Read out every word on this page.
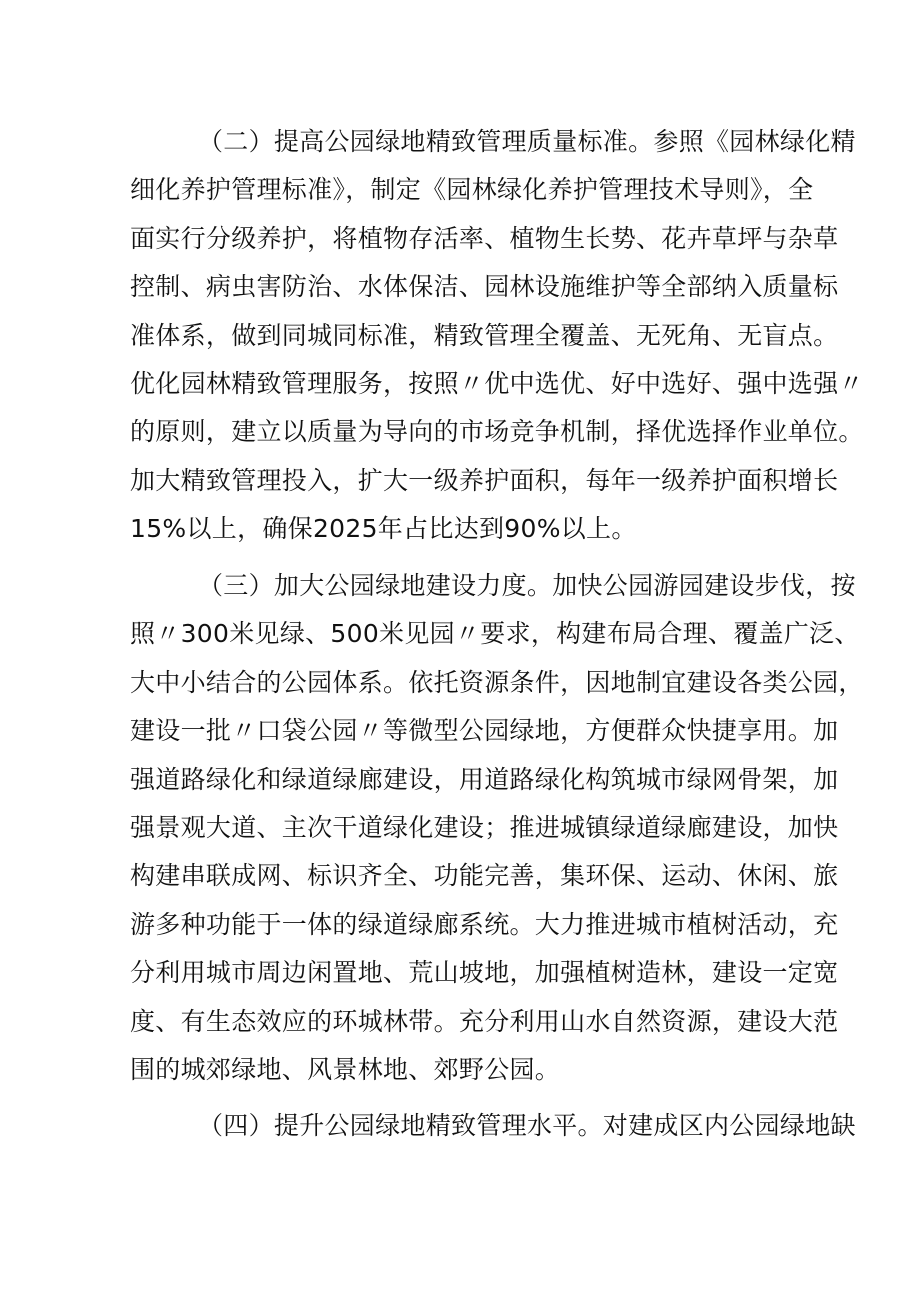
（二）提高公园绿地精致管理质量标准。参照《园林绿化精
细化养护管理标准》，制定《园林绿化养护管理技术导则》，全
面实行分级养护，将植物存活率、植物生长势、花卉草坪与杂草
控制、病虫害防治、水体保洁、园林设施维护等全部纳入质量标
准体系，做到同城同标准，精致管理全覆盖、无死角、无盲点。
优化园林精致管理服务，按照〃优中选优、好中选好、强中选强〃
的原则，建立以质量为导向的市场竞争机制，择优选择作业单位。
加大精致管理投入，扩大一级养护面积，每年一级养护面积增长
15%以上，确保2025年占比达到90%以上。
（三）加大公园绿地建设力度。加快公园游园建设步伐，按
照〃300米见绿、500米见园〃要求，构建布局合理、覆盖广泛、
大中小结合的公园体系。依托资源条件，因地制宜建设各类公园，
建设一批〃口袋公园〃等微型公园绿地，方便群众快捷享用。加
强道路绿化和绿道绿廊建设，用道路绿化构筑城市绿网骨架，加
强景观大道、主次干道绿化建设；推进城镇绿道绿廊建设，加快
构建串联成网、标识齐全、功能完善，集环保、运动、休闲、旅
游多种功能于一体的绿道绿廊系统。大力推进城市植树活动，充
分利用城市周边闲置地、荒山坡地，加强植树造林，建设一定宽
度、有生态效应的环城林带。充分利用山水自然资源，建设大范
围的城郊绿地、风景林地、郊野公园。
（四）提升公园绿地精致管理水平。对建成区内公园绿地缺
